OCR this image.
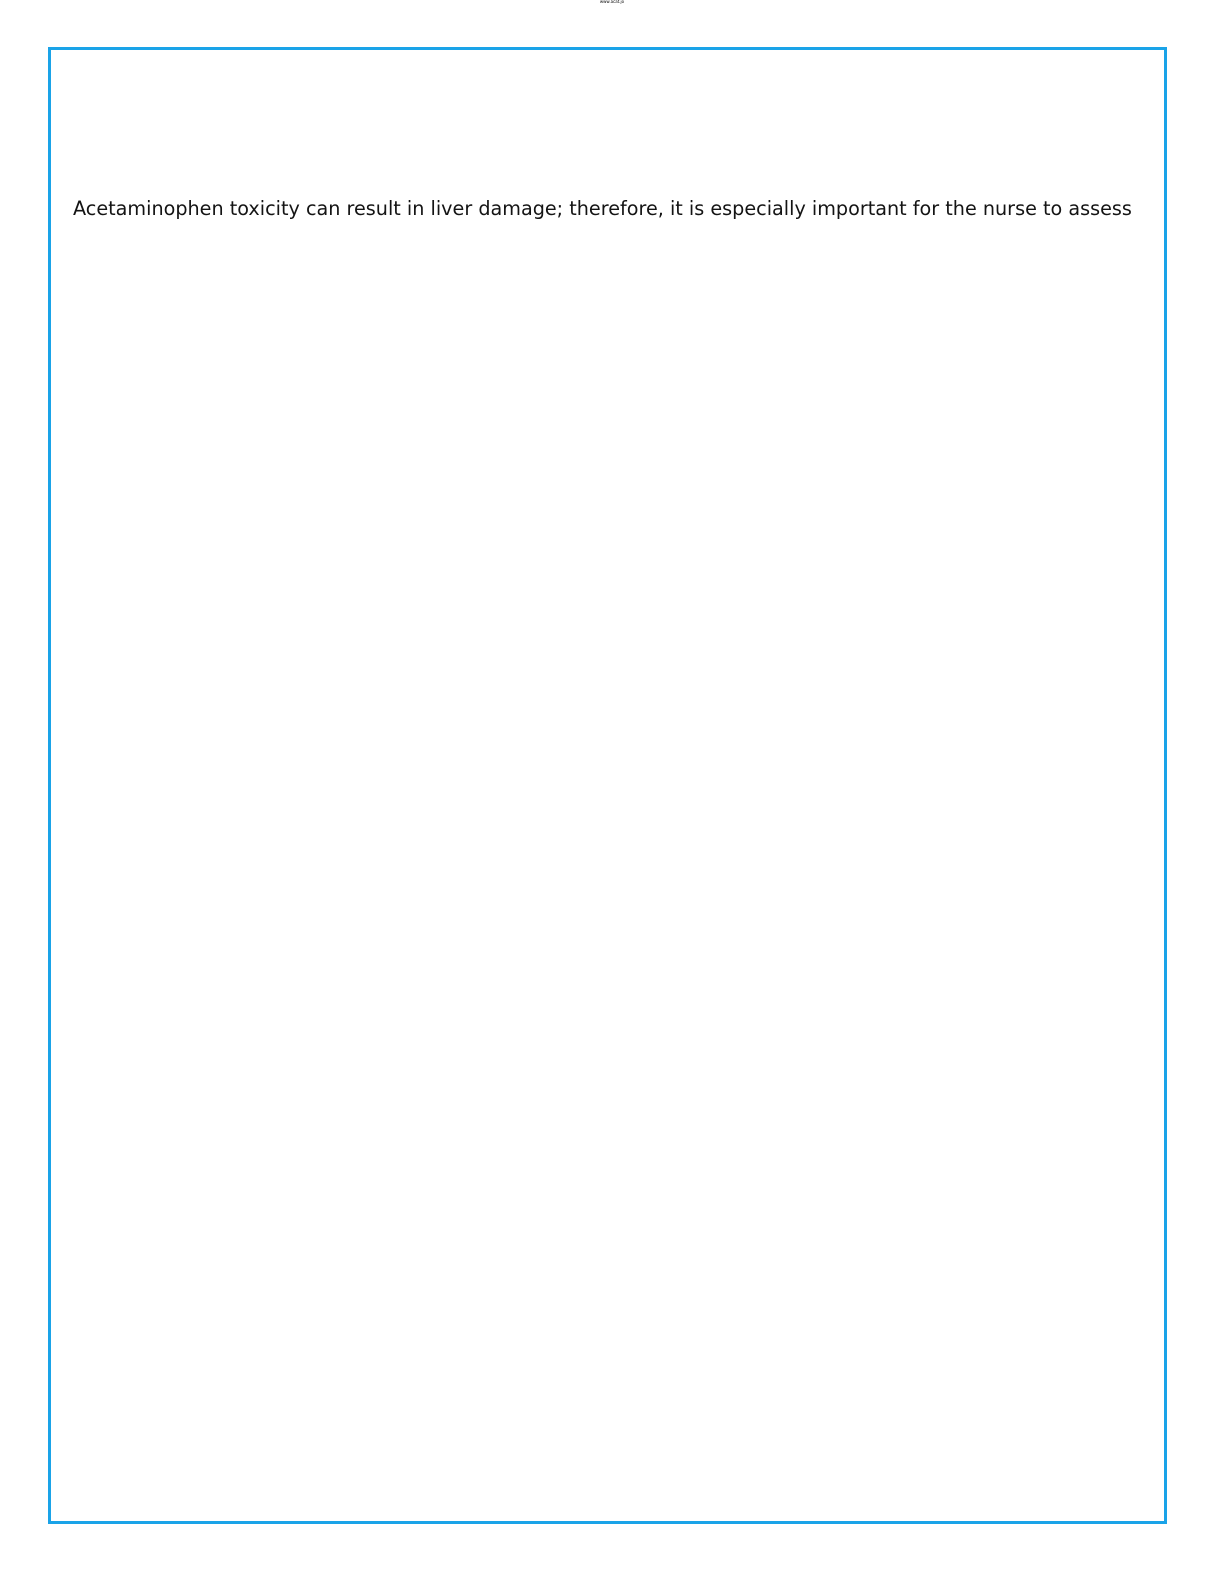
www.acat.jo

Acetaminophen toxicity can result in liver damage; therefore, it is especially important for the nurse to assess
